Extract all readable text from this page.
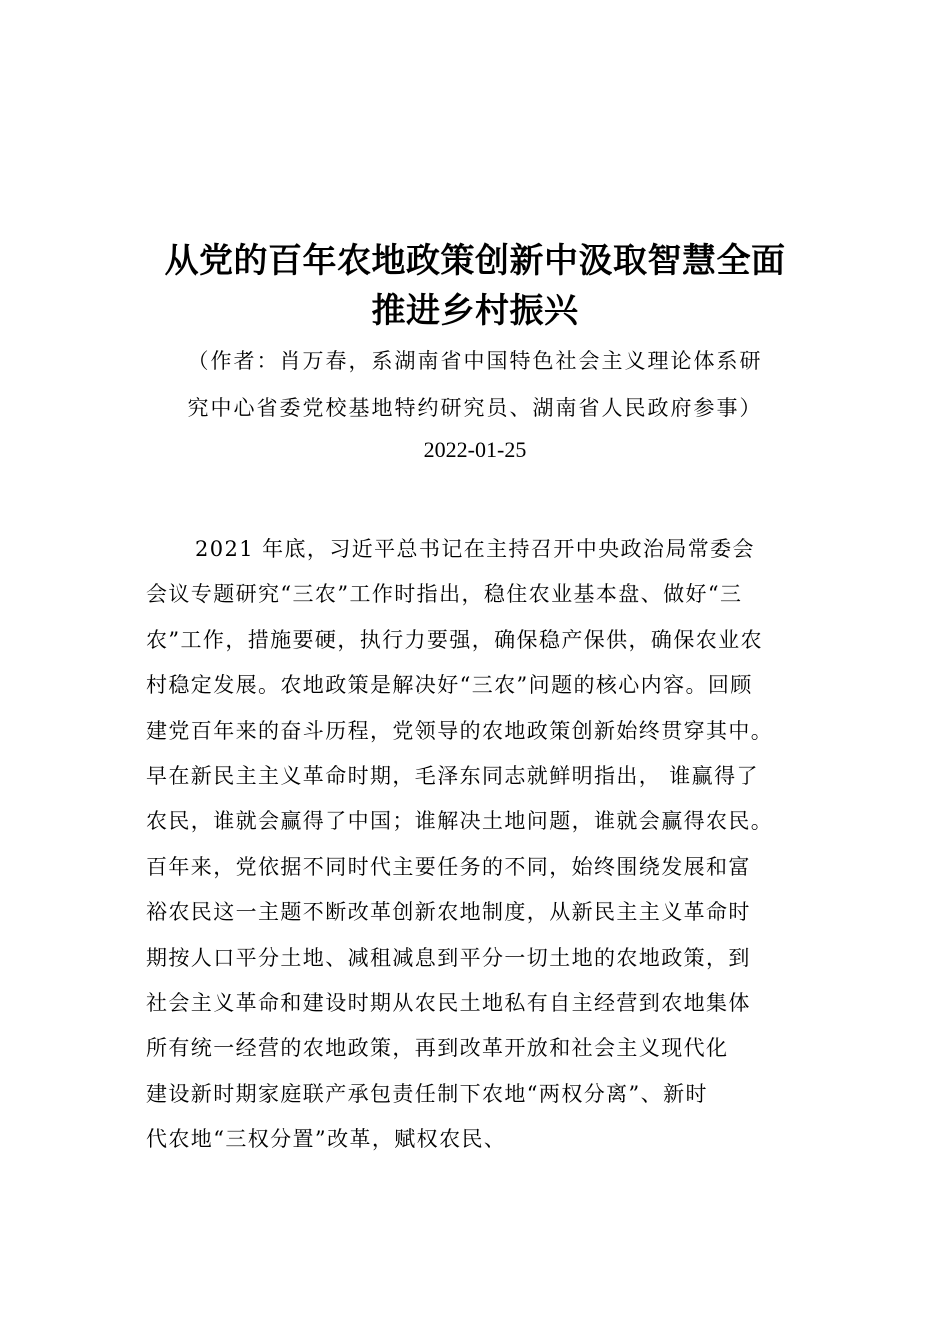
从党的百年农地政策创新中汲取智慧全面
推进乡村振兴

（作者：肖万春，系湖南省中国特色社会主义理论体系研

究中心省委党校基地特约研究员、湖南省人民政府参事）

2022-01-25

2021 年底，习近平总书记在主持召开中央政治局常委会
会议专题研究“三农”工作时指出，稳住农业基本盘、做好“三
农”工作，措施要硬，执行力要强，确保稳产保供，确保农业农
村稳定发展。农地政策是解决好“三农”问题的核心内容。回顾
建党百年来的奋斗历程，党领导的农地政策创新始终贯穿其中。
早在新民主主义革命时期，毛泽东同志就鲜明指出， 谁赢得了
农民，谁就会赢得了中国；谁解决土地问题，谁就会赢得农民。
百年来，党依据不同时代主要任务的不同，始终围绕发展和富
裕农民这一主题不断改革创新农地制度，从新民主主义革命时
期按人口平分土地、减租减息到平分一切土地的农地政策，到
社会主义革命和建设时期从农民土地私有自主经营到农地集体
所有统一经营的农地政策，再到改革开放和社会主义现代化
建设新时期家庭联产承包责任制下农地“两权分离”、新时
代农地“三权分置”改革，赋权农民、
